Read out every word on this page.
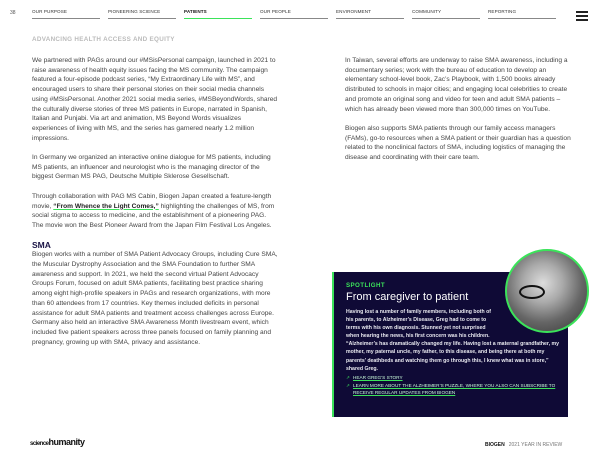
38	OUR PURPOSE	PIONEERING SCIENCE	PATIENTS	OUR PEOPLE	ENVIRONMENT	COMMUNITY	REPORTING
ADVANCING HEALTH ACCESS AND EQUITY

We partnered with PAGs around our #MSisPersonal campaign, launched in 2021 to raise awareness of health equity issues facing the MS community. The campaign featured a four-episode podcast series, “My Extraordinary Life with MS”, and encouraged users to share their personal stories on their social media channels using #MSisPersonal. Another 2021 social media series, #MSBeyondWords, shared the culturally diverse stories of three MS patients in Europe, narrated in Spanish, Italian and Punjabi. Via art and animation, MS Beyond Words visualizes experiences of living with MS, and the series has garnered nearly 1.2 million impressions.

In Germany we organized an interactive online dialogue for MS patients, including MS patients, an influencer and neurologist who is the managing director of the biggest German MS PAG, Deutsche Multiple Sklerose Gesellschaft.

Through collaboration with PAG MS Cabin, Biogen Japan created a feature-length movie, “From Whence the Light Comes,” highlighting the challenges of MS, from social stigma to access to medicine, and the establishment of a pioneering PAG. The movie won the Best Pioneer Award from the Japan Film Festival Los Angeles.

SMA

Biogen works with a number of SMA Patient Advocacy Groups, including Cure SMA, the Muscular Dystrophy Association and the SMA Foundation to further SMA awareness and support. In 2021, we held the second virtual Patient Advocacy Groups Forum, focused on adult SMA patients, facilitating best practice sharing among eight high-profile speakers in PAGs and research organizations, with more than 60 attendees from 17 countries. Key themes included deficits in personal assistance for adult SMA patients and treatment access challenges across Europe. Germany also held an interactive SMA Awareness Month livestream event, which included five patient speakers across three panels focused on family planning and pregnancy, growing up with SMA, privacy and assistance.

In Taiwan, several efforts are underway to raise SMA awareness, including a documentary series; work with the bureau of education to develop an elementary school-level book, Zac’s Playbook, with 1,500 books already distributed to schools in major cities; and engaging local celebrities to create and promote an original song and video for teen and adult SMA patients – which has already been viewed more than 300,000 times on YouTube.

Biogen also supports SMA patients through our family access managers (FAMs), go-to resources when a SMA patient or their guardian has a question related to the nonclinical factors of SMA, including logistics of managing the disease and coordinating with their care team.

SPOTLIGHT
From caregiver to patient
Having lost a number of family members, including both of his parents, to Alzheimer’s Disease, Greg had to come to terms with his own diagnosis. Stunned yet not surprised when hearing the news, his first concern was his children. “Alzheimer’s has dramatically changed my life. Having lost a maternal grandfather, my mother, my paternal uncle, my father, to this disease, and being there at both my parents’ deathbeds and watching them go through this, I knew what was in store,” shared Greg.
↗ HEAR GREG’S STORY
↗ LEARN MORE ABOUT THE ALZHEIMER’S PUZZLE, WHERE YOU ALSO CAN SUBSCRIBE TO RECEIVE REGULAR UPDATES FROM BIOGEN
sciencehumanity	BIOGEN 2021 YEAR IN REVIEW
